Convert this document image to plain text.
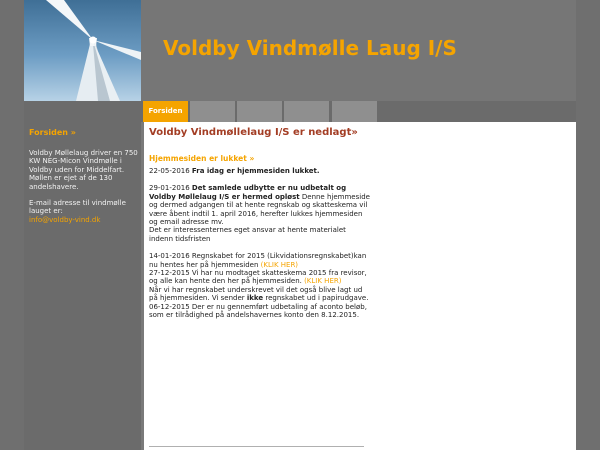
Voldby Vindmølle Laug I/S
Forsiden »

Voldby Møllelaug driver en 750 KW NEG-Micon Vindmølle i Voldby uden for Middelfart. Møllen er ejet af de 130 andelshavere.

E-mail adresse til vindmølle lauget er:
info@voldby-vind.dk

Forsiden
Voldby Vindmøllelaug I/S er nedlagt»
Hjemmesiden er lukket »

22-05-2016 Fra idag er hjemmesiden lukket.

29-01-2016 Det samlede udbytte er nu udbetalt og Voldby Møllelaug I/S er hermed opløst Denne hjemmeside og dermed adgangen til at hente regnskab og skatteskema vil være åbent indtil 1. april 2016, herefter lukkes hjemmesiden og email adresse mv.
Det er interessenternes eget ansvar at hente materialet indenn tidsfristen

14-01-2016 Regnskabet for 2015 (Likvidationsregnskabet)kan nu hentes her på hjemmesiden (KLIK HER)
27-12-2015 Vi har nu modtaget skatteskema 2015 fra revisor, og alle kan hente den her på hjemmesiden. (KLIK HER)
Når vi har regnskabet underskrevet vil det også blive lagt ud på hjemmesiden. Vi sender ikke regnskabet ud i papirudgave.
06-12-2015 Der er nu gennemført udbetaling af aconto beløb, som er tilrådighed på andelshavernes konto den 8.12.2015.
